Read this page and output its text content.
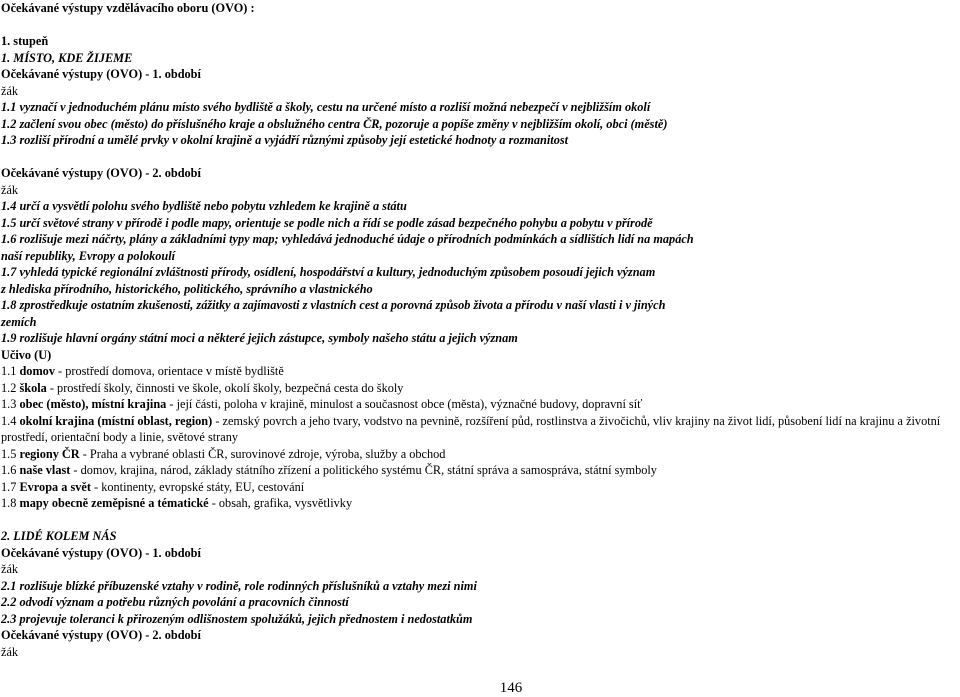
Očekávané výstupy vzdělávacího oboru (OVO) :
1. stupeň
1. MÍSTO, KDE ŽIJEME
Očekávané výstupy (OVO) - 1. období
žák
1.1 vyznačí v jednoduchém plánu místo svého bydliště a školy, cestu na určené místo a rozliší možná nebezpečí v nejbližším okolí
1.2 začlení svou obec (město) do příslušného kraje a obslužného centra ČR, pozoruje a popíše změny v nejbližším okolí, obci (městě)
1.3 rozliší přírodní a umělé prvky v okolní krajině a vyjádří různými způsoby její estetické hodnoty a rozmanitost
Očekávané výstupy (OVO) - 2. období
žák
1.4 určí a vysvětlí polohu svého bydliště nebo pobytu vzhledem ke krajině a státu
1.5 určí světové strany v přírodě i podle mapy, orientuje se podle nich a řídí se podle zásad bezpečného pohybu a pobytu v přírodě
1.6 rozlišuje mezi náčrty, plány a základními typy map; vyhledává jednoduché údaje o přírodních podmínkách a sídlištích lidí na mapách
naší republiky, Evropy a polokoulí
1.7 vyhledá typické regionální zvláštnosti přírody, osídlení, hospodářství a kultury, jednoduchým způsobem posoudí jejich význam
z hlediska přírodního, historického, politického, správního a vlastnického
1.8 zprostředkuje ostatním zkušenosti, zážitky a zajímavosti z vlastních cest a porovná způsob života a přírodu v naší vlasti i v jiných
zemích
1.9 rozlišuje hlavní orgány státní moci a některé jejich zástupce, symboly našeho státu a jejich význam
Učivo (U)
1.1 domov - prostředí domova, orientace v místě bydliště
1.2 škola - prostředí školy, činnosti ve škole, okolí školy, bezpečná cesta do školy
1.3 obec (město), místní krajina - její části, poloha v krajině, minulost a současnost obce (města), význačné budovy, dopravní síť
1.4 okolní krajina (místní oblast, region) - zemský povrch a jeho tvary, vodstvo na pevnině, rozšíření půd, rostlinstva a živočichů, vliv krajiny na život lidí, působení lidí na krajinu a životní prostředí, orientační body a linie, světové strany
1.5 regiony ČR - Praha a vybrané oblasti ČR, surovinové zdroje, výroba, služby a obchod
1.6 naše vlast - domov, krajina, národ, základy státního zřízení a politického systému ČR, státní správa a samospráva, státní symboly
1.7 Evropa a svět - kontinenty, evropské státy, EU, cestování
1.8 mapy obecně zeměpisné a tématické - obsah, grafika, vysvětlivky
2. LIDÉ KOLEM NÁS
Očekávané výstupy (OVO) - 1. období
žák
2.1 rozlišuje blízké příbuzenské vztahy v rodině, role rodinných příslušníků a vztahy mezi nimi
2.2 odvodí význam a potřebu různých povolání a pracovních činností
2.3 projevuje toleranci k přirozeným odlišnostem spolužáků, jejich přednostem i nedostatkům
Očekávané výstupy (OVO) - 2. období
žák
146
